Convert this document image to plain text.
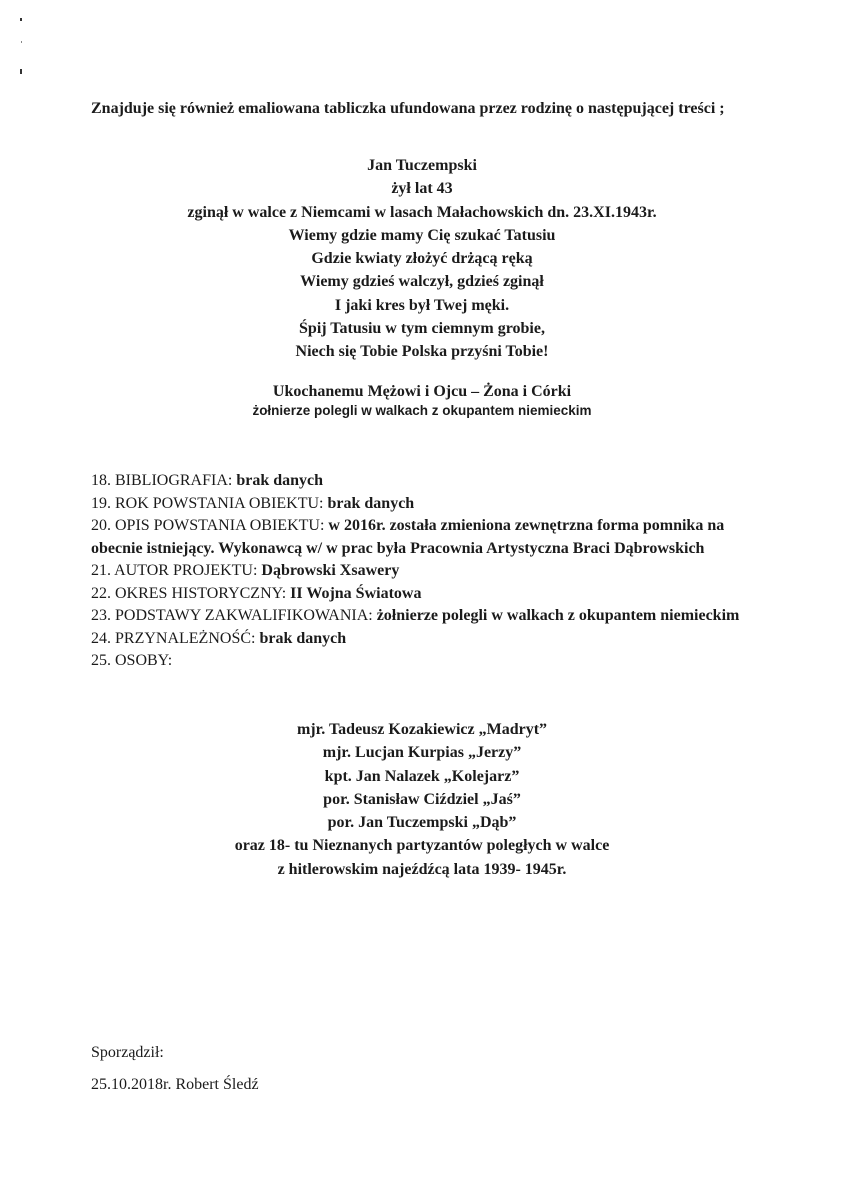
Znajduje się również emaliowana tabliczka ufundowana przez rodzinę o następującej treści ;
Jan Tuczempski
żył lat 43
zginął w walce z Niemcami w lasach Małachowskich dn. 23.XI.1943r.
Wiemy gdzie mamy Cię szukać Tatusiu
Gdzie kwiaty złożyć drżącą ręką
Wiemy gdzieś walczył, gdzieś zginął
I jaki kres był Twej męki.
Śpij Tatusiu w tym ciemnym grobie,
Niech się Tobie Polska przyśni Tobie!
Ukochanemu Mężowi i Ojcu – Żona i Córki
żołnierze polegli w walkach z okupantem niemieckim
18. BIBLIOGRAFIA: brak danych
19. ROK POWSTANIA OBIEKTU: brak danych
20. OPIS POWSTANIA OBIEKTU: w 2016r. została zmieniona zewnętrzna forma pomnika na obecnie istniejący. Wykonawcą w/ w prac była Pracownia Artystyczna Braci Dąbrowskich
21. AUTOR PROJEKTU: Dąbrowski Xsawery
22. OKRES HISTORYCZNY: II Wojna Światowa
23. PODSTAWY ZAKWALIFIKOWANIA: żołnierze polegli w walkach z okupantem niemieckim
24. PRZYNALEŻNOŚĆ: brak danych
25. OSOBY:
mjr. Tadeusz Kozakiewicz „Madryt”
mjr. Lucjan Kurpias „Jerzy”
kpt. Jan Nalazek „Kolejarz”
por. Stanisław Ciździel „Jaś”
por. Jan Tuczempski „Dąb”
oraz 18- tu Nieznanych partyzantów poległych w walce
z hitlerowskim najeźdźcą lata 1939- 1945r.
Sporządził:
25.10.2018r. Robert Śledź
